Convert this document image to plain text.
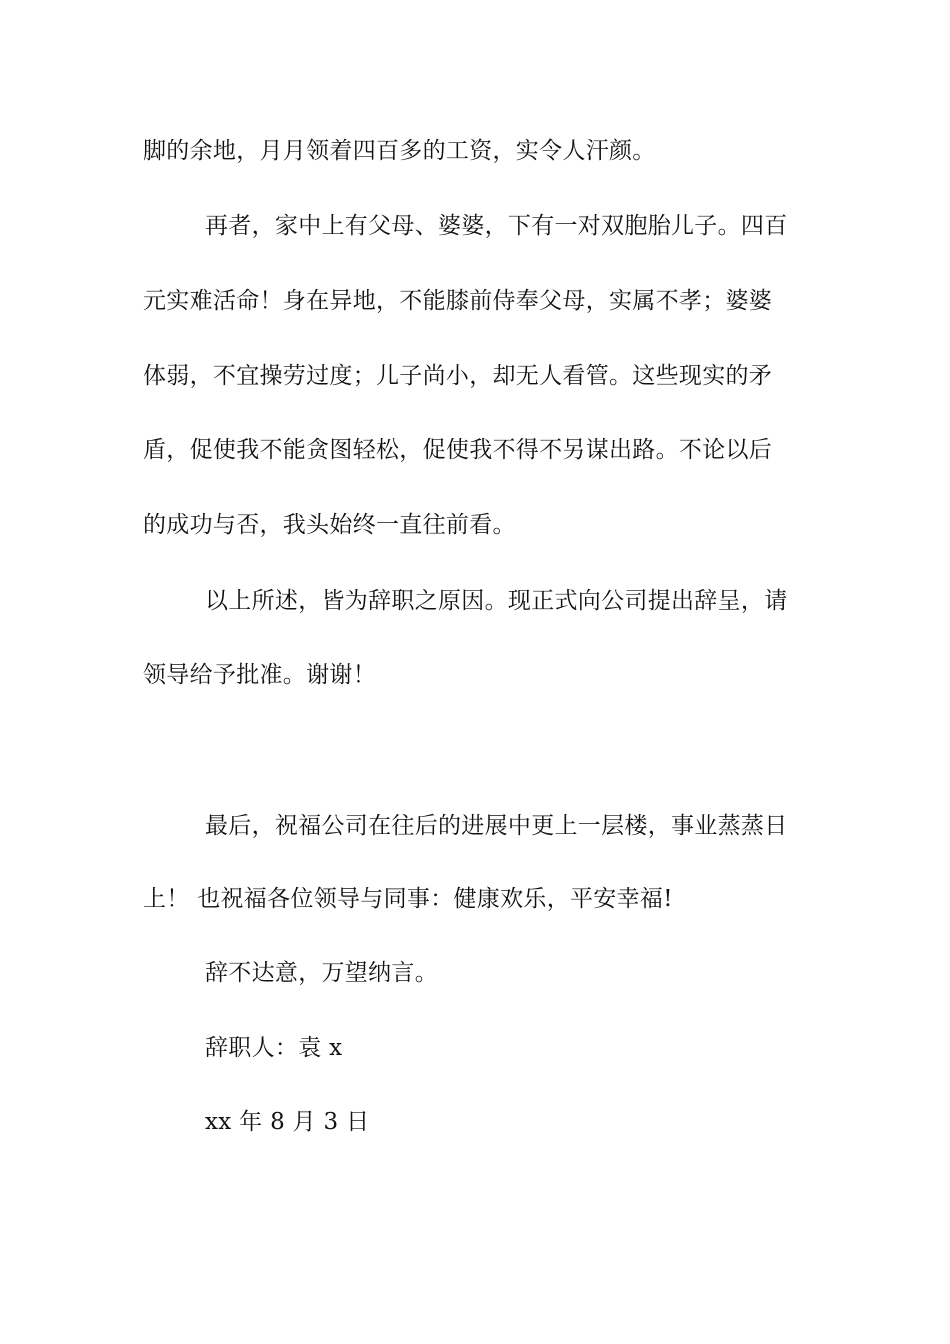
脚的余地，月月领着四百多的工资，实令人汗颜。

再者，家中上有父母、婆婆，下有一对双胞胎儿子。四百

元实难活命！身在异地，不能膝前侍奉父母，实属不孝；婆婆

体弱，不宜操劳过度；儿子尚小，却无人看管。这些现实的矛

盾，促使我不能贪图轻松，促使我不得不另谋出路。不论以后

的成功与否，我头始终一直往前看。

以上所述，皆为辞职之原因。现正式向公司提出辞呈，请

领导给予批准。谢谢！

最后，祝福公司在往后的进展中更上一层楼，事业蒸蒸日

上！ 也祝福各位领导与同事：健康欢乐，平安幸福!

辞不达意，万望纳言。

辞职人：袁 x

xx 年 8 月 3 日
